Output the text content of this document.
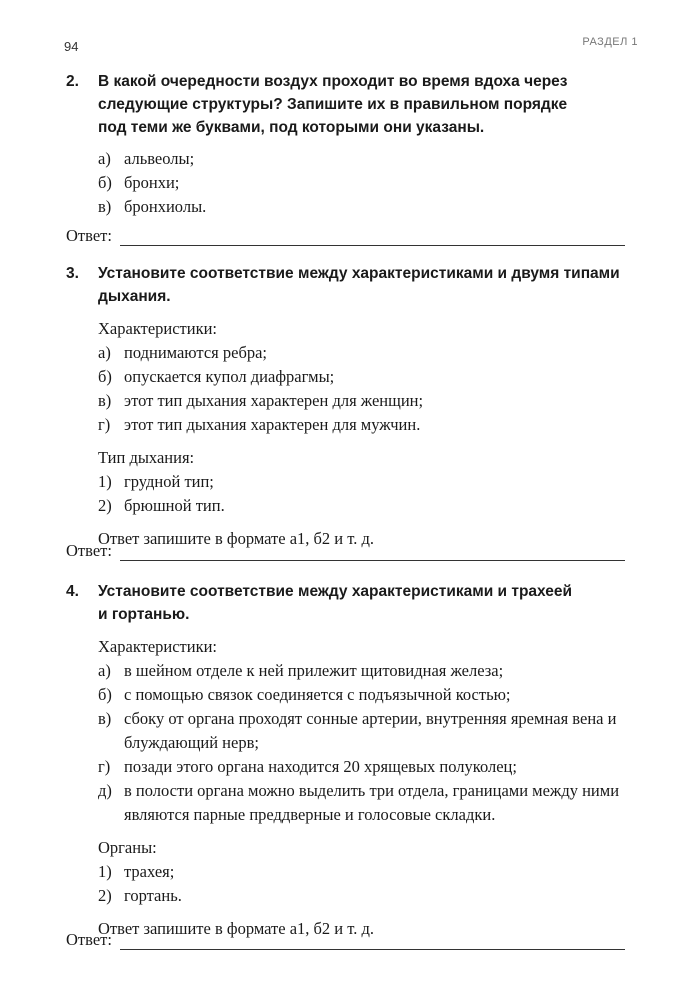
94	РАЗДЕЛ 1
2. В какой очередности воздух проходит во время вдоха через
следующие структуры? Запишите их в правильном порядке
под теми же буквами, под которыми они указаны.
а) альвеолы;
б) бронхи;
в) бронхиолы.
Ответ:
3. Установите соответствие между характеристиками и двумя типами
дыхания.
Характеристики:
а) поднимаются ребра;
б) опускается купол диафрагмы;
в) этот тип дыхания характерен для женщин;
г) этот тип дыхания характерен для мужчин.
Тип дыхания:
1) грудной тип;
2) брюшной тип.
Ответ запишите в формате а1, б2 и т. д.
Ответ:
4. Установите соответствие между характеристиками и трахеей
и гортанью.
Характеристики:
а) в шейном отделе к ней прилежит щитовидная железа;
б) с помощью связок соединяется с подъязычной костью;
в) сбоку от органа проходят сонные артерии, внутренняя яремная вена и блуждающий нерв;
г) позади этого органа находится 20 хрящевых полуколец;
д) в полости органа можно выделить три отдела, границами между ними являются парные преддверные и голосовые складки.
Органы:
1) трахея;
2) гортань.
Ответ запишите в формате а1, б2 и т. д.
Ответ:
